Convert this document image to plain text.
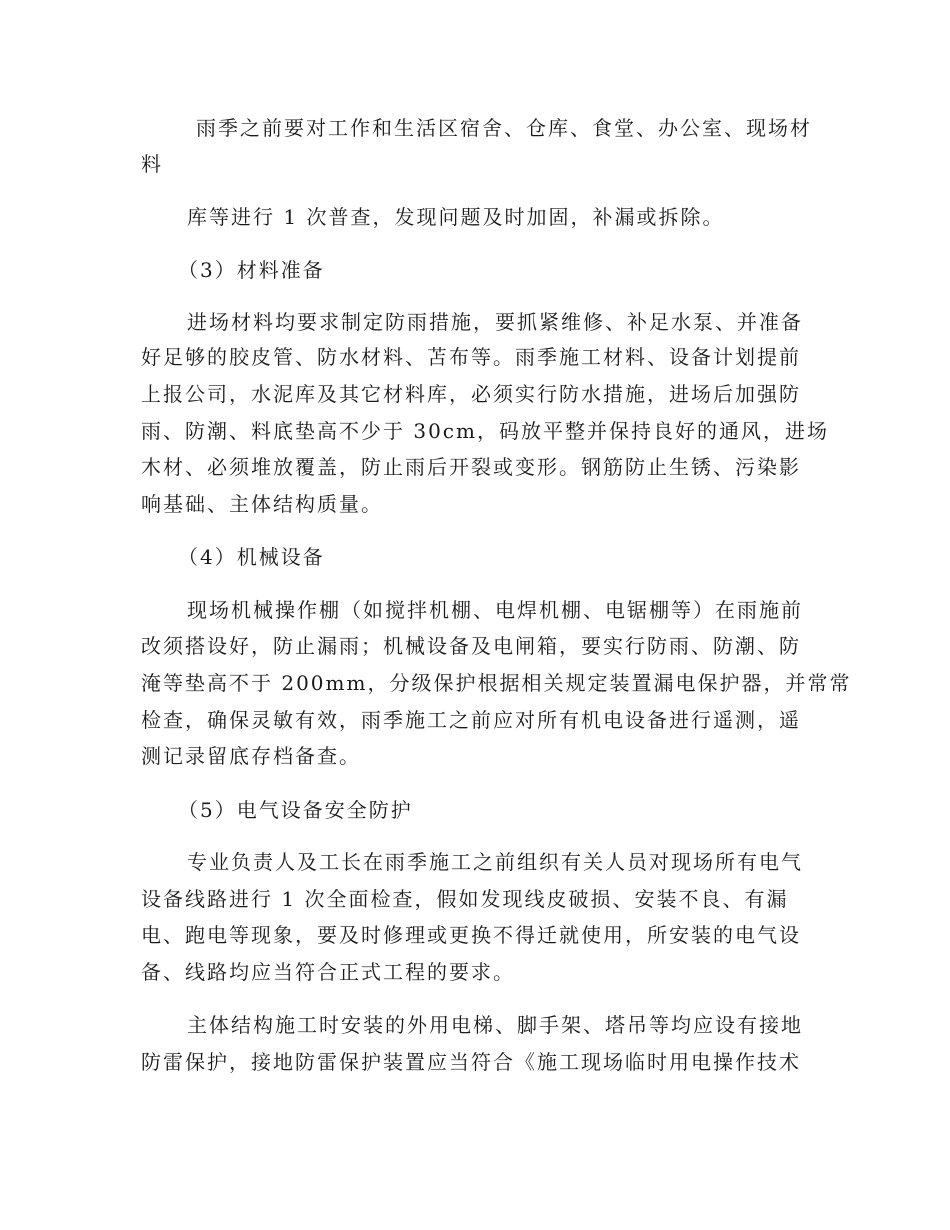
雨季之前要对工作和生活区宿舍、仓库、食堂、办公室、现场材
料
库等进行 1 次普查，发现问题及时加固，补漏或拆除。
（3）材料准备
进场材料均要求制定防雨措施，要抓紧维修、补足水泵、并准备
好足够的胶皮管、防水材料、苫布等。雨季施工材料、设备计划提前
上报公司，水泥库及其它材料库，必须实行防水措施，进场后加强防
雨、防潮、料底垫高不少于 30cm，码放平整并保持良好的通风，进场
木材、必须堆放覆盖，防止雨后开裂或变形。钢筋防止生锈、污染影
响基础、主体结构质量。
（4）机械设备
现场机械操作棚（如搅拌机棚、电焊机棚、电锯棚等）在雨施前
改须搭设好，防止漏雨；机械设备及电闸箱，要实行防雨、防潮、防
淹等垫高不于 200mm，分级保护根据相关规定装置漏电保护器，并常常
检查，确保灵敏有效，雨季施工之前应对所有机电设备进行遥测，遥
测记录留底存档备查。
（5）电气设备安全防护
专业负责人及工长在雨季施工之前组织有关人员对现场所有电气
设备线路进行 1 次全面检查，假如发现线皮破损、安装不良、有漏
电、跑电等现象，要及时修理或更换不得迁就使用，所安装的电气设
备、线路均应当符合正式工程的要求。
主体结构施工时安装的外用电梯、脚手架、塔吊等均应设有接地
防雷保护，接地防雷保护装置应当符合《施工现场临时用电操作技术
